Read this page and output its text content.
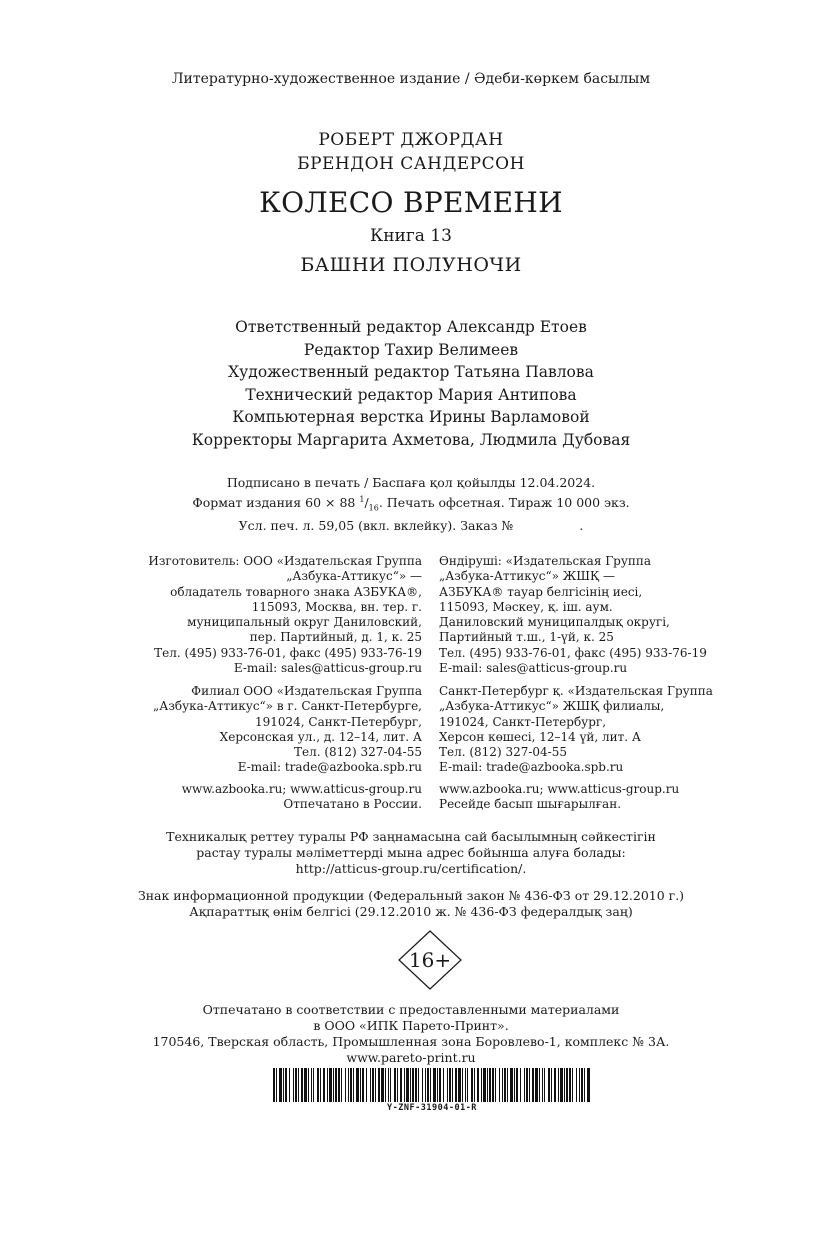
Литературно-художественное издание / Әдеби-көркем басылым
РОБЕРТ ДЖОРДАН
БРЕНДОН САНДЕРСОН
КОЛЕСО ВРЕМЕНИ
Книга 13
БАШНИ ПОЛУНОЧИ
Ответственный редактор Александр Етоев
Редактор Тахир Велимеев
Художественный редактор Татьяна Павлова
Технический редактор Мария Антипова
Компьютерная верстка Ирины Варламовой
Корректоры Маргарита Ахметова, Людмила Дубовая
Подписано в печать / Баспаға қол қойылды 12.04.2024.
Формат издания 60 × 88 $^1/_{16}$. Печать офсетная. Тираж 10 000 экз.
Усл. печ. л. 59,05 (вкл. вклейку). Заказ №	.
Изготовитель: ООО «Издательская Группа
„Азбука-Аттикус“» —
обладатель товарного знака АЗБУКА®,
115093, Москва, вн. тер. г.
муниципальный округ Даниловский,
пер. Партийный, д. 1, к. 25
Тел. (495) 933-76-01, факс (495) 933-76-19
E-mail: sales@atticus-group.ru
Өндіруші: «Издательская Группа
„Азбука-Аттикус“» ЖШҚ —
АЗБУКА® тауар белгісінің иесі,
115093, Мәскеу, қ. іш. аум.
Даниловский муниципалдық округі,
Партийный т.ш., 1-үй, к. 25
Тел. (495) 933-76-01, факс (495) 933-76-19
E-mail: sales@atticus-group.ru
Филиал ООО «Издательская Группа
„Азбука-Аттикус“» в г. Санкт-Петербурге,
191024, Санкт-Петербург,
Херсонская ул., д. 12–14, лит. А
Тел. (812) 327-04-55
E-mail: trade@azbooka.spb.ru
Санкт-Петербург қ. «Издательская Группа
„Азбука-Аттикус“» ЖШҚ филиалы,
191024, Санкт-Петербург,
Херсон көшесі, 12–14 үй, лит. А
Тел. (812) 327-04-55
E-mail: trade@azbooka.spb.ru
www.azbooka.ru; www.atticus-group.ru
Отпечатано в России.
www.azbooka.ru; www.atticus-group.ru
Ресейде басып шығарылған.
Техникалық реттеу туралы РФ заңнамасына сай басылымның сәйкестігін
растау туралы мәліметтерді мына адрес бойынша алуға болады:
http://atticus-group.ru/certification/.
Знак информационной продукции (Федеральный закон № 436-ФЗ от 29.12.2010 г.)
Ақпараттық өнім белгісі (29.12.2010 ж. № 436-ФЗ федералдық заң)
16+
Отпечатано в соответствии с предоставленными материалами
в ООО «ИПК Парето-Принт».
170546, Тверская область, Промышленная зона Боровлево-1, комплекс № 3А.
www.pareto-print.ru
Y-ZNF-31904-01-R
